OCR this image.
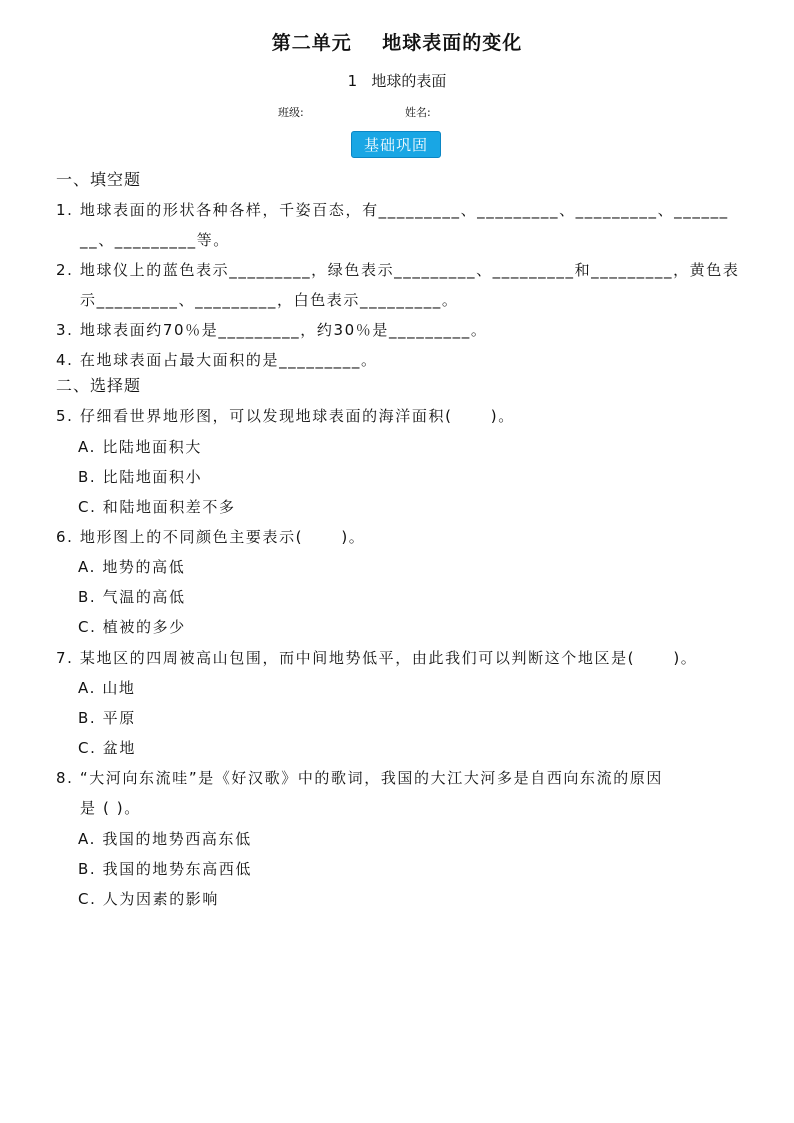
第二单元    地球表面的变化
1   地球的表面
班级:	姓名:
基础巩固
一、填空题
1. 地球表面的形状各种各样，千姿百态，有_________、_________、_________、______
__、_________等。
2. 地球仪上的蓝色表示_________，绿色表示_________、_________和_________，黄色表
示_________、_________，白色表示_________。
3. 地球表面约70％是_________，约30％是_________。
4. 在地球表面占最大面积的是_________。
二、选择题
5. 仔细看世界地形图，可以发现地球表面的海洋面积(      )。
A. 比陆地面积大
B. 比陆地面积小
C. 和陆地面积差不多
6. 地形图上的不同颜色主要表示(      )。
A. 地势的高低
B. 气温的高低
C. 植被的多少
7. 某地区的四周被高山包围，而中间地势低平，由此我们可以判断这个地区是(      )。
A. 山地
B. 平原
C. 盆地
8. “大河向东流哇”是《好汉歌》中的歌词，我国的大江大河多是自西向东流的原因
是 ( )。
A. 我国的地势西高东低
B. 我国的地势东高西低
C. 人为因素的影响
